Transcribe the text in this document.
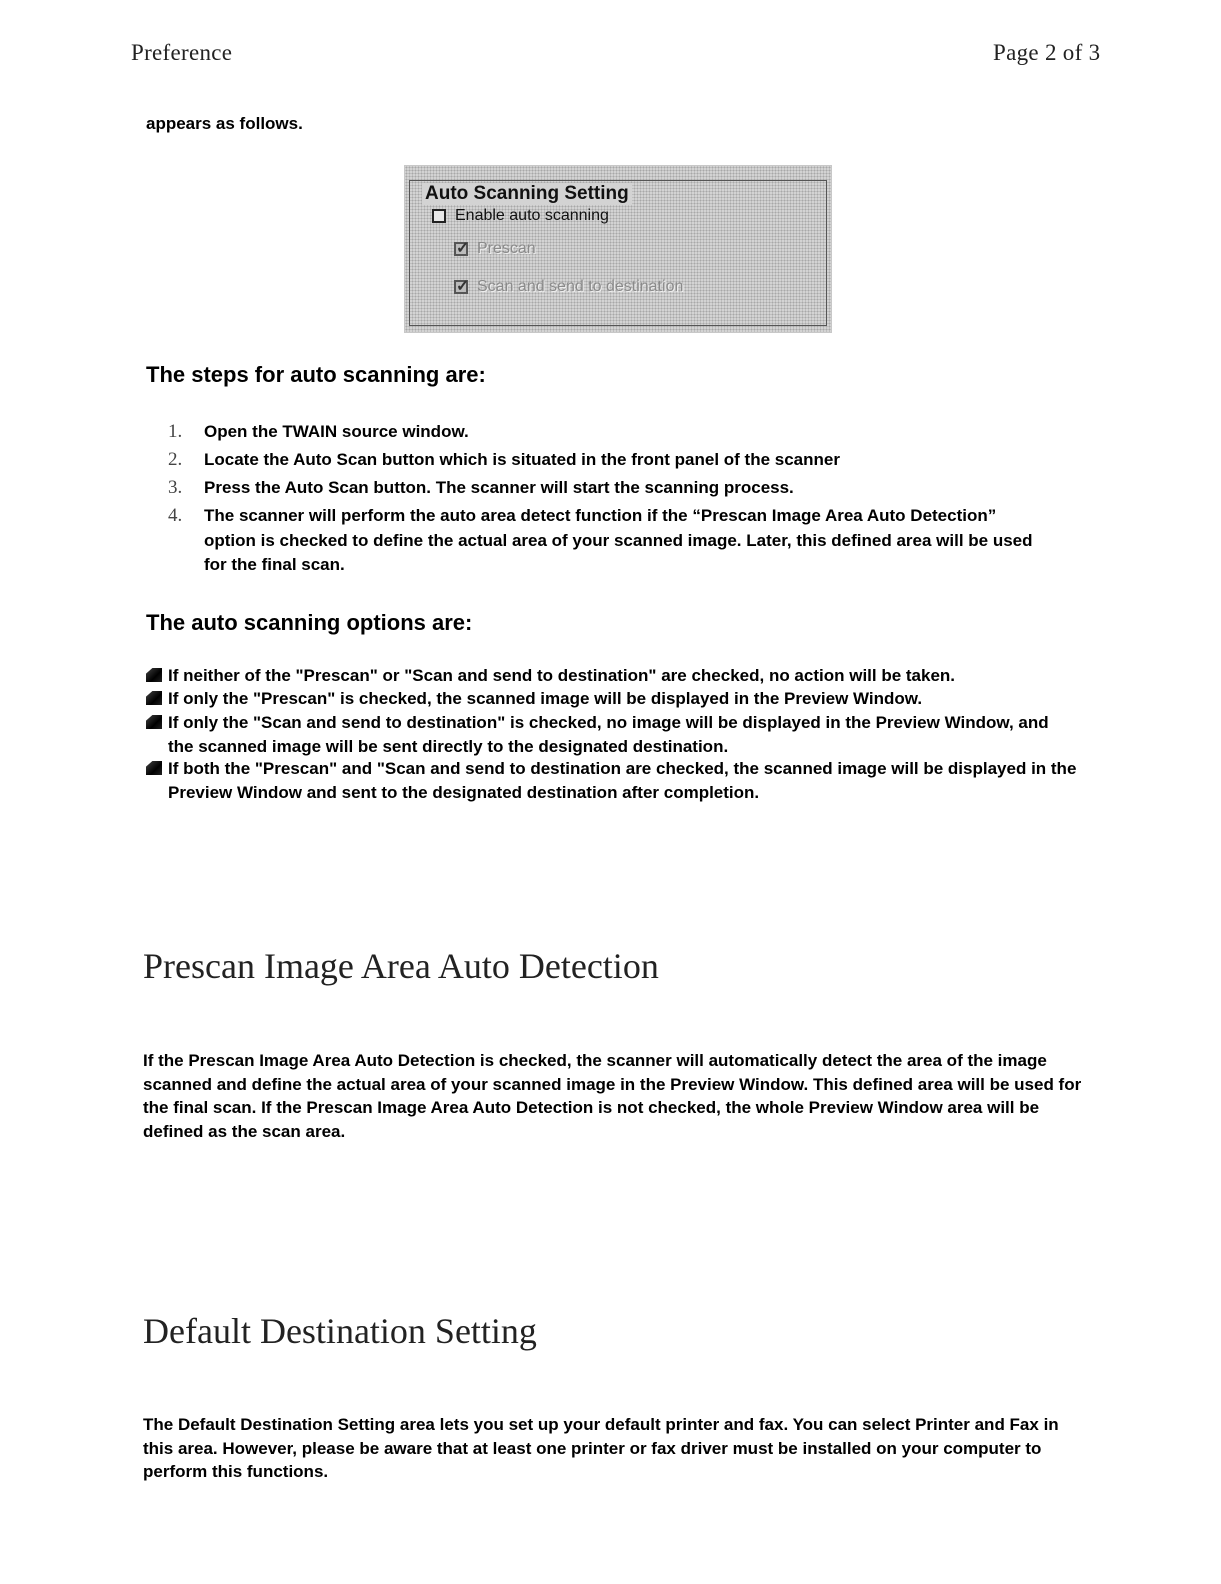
Preference	Page 2 of 3
appears as follows.
Auto Scanning Setting
Enable auto scanning
✓
Prescan
✓
Scan and send to destination
The steps for auto scanning are:
1. Open the TWAIN source window.
2. Locate the Auto Scan button which is situated in the front panel of the scanner
3. Press the Auto Scan button. The scanner will start the scanning process.
4. The scanner will perform the auto area detect function if the “Prescan Image Area Auto Detection” option is checked to define the actual area of your scanned image. Later, this defined area will be used for the final scan.
The auto scanning options are:
If neither of the "Prescan" or "Scan and send to destination" are checked, no action will be taken.
If only the "Prescan" is checked, the scanned image will be displayed in the Preview Window.
If only the "Scan and send to destination" is checked, no image will be displayed in the Preview Window, and the scanned image will be sent directly to the designated destination.
If both the "Prescan" and "Scan and send to destination are checked, the scanned image will be displayed in the Preview Window and sent to the designated destination after completion.
Prescan Image Area Auto Detection
If the Prescan Image Area Auto Detection is checked, the scanner will automatically detect the area of the image scanned and define the actual area of your scanned image in the Preview Window. This defined area will be used for the final scan. If the Prescan Image Area Auto Detection is not checked, the whole Preview Window area will be defined as the scan area.
Default Destination Setting
The Default Destination Setting area lets you set up your default printer and fax. You can select Printer and Fax in this area. However, please be aware that at least one printer or fax driver must be installed on your computer to perform this functions.
